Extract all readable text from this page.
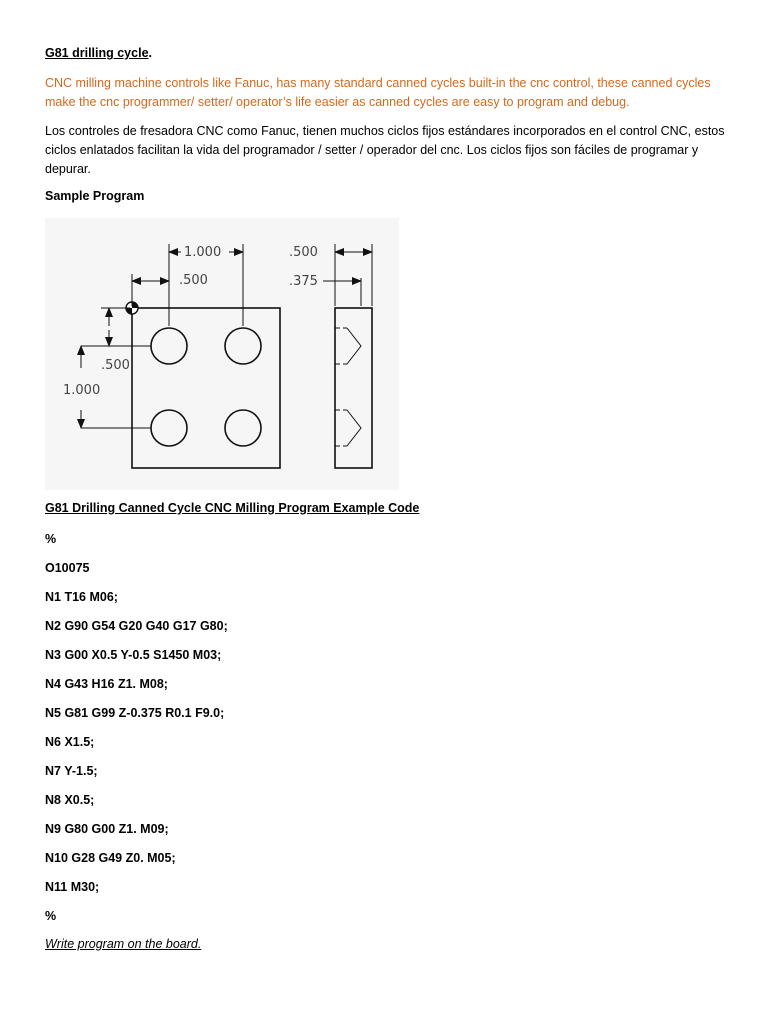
G81 drilling cycle.
CNC milling machine controls like Fanuc, has many standard canned cycles built-in the cnc control, these canned cycles make the cnc programmer/ setter/ operator’s life easier as canned cycles are easy to program and debug.
Los controles de fresadora CNC como Fanuc, tienen muchos ciclos fijos estándares incorporados en el control CNC, estos ciclos enlatados facilitan la vida del programador / setter / operador del cnc. Los ciclos fijos son fáciles de programar y depurar.
Sample Program
1.000
.500
.500
1.000
.500
.375
G81 Drilling Canned Cycle CNC Milling Program Example Code
%
O10075
N1 T16 M06;
N2 G90 G54 G20 G40 G17 G80;
N3 G00 X0.5 Y-0.5 S1450 M03;
N4 G43 H16 Z1. M08;
N5 G81 G99 Z-0.375 R0.1 F9.0;
N6 X1.5;
N7 Y-1.5;
N8 X0.5;
N9 G80 G00 Z1. M09;
N10 G28 G49 Z0. M05;
N11 M30;
%
Write program on the board.
